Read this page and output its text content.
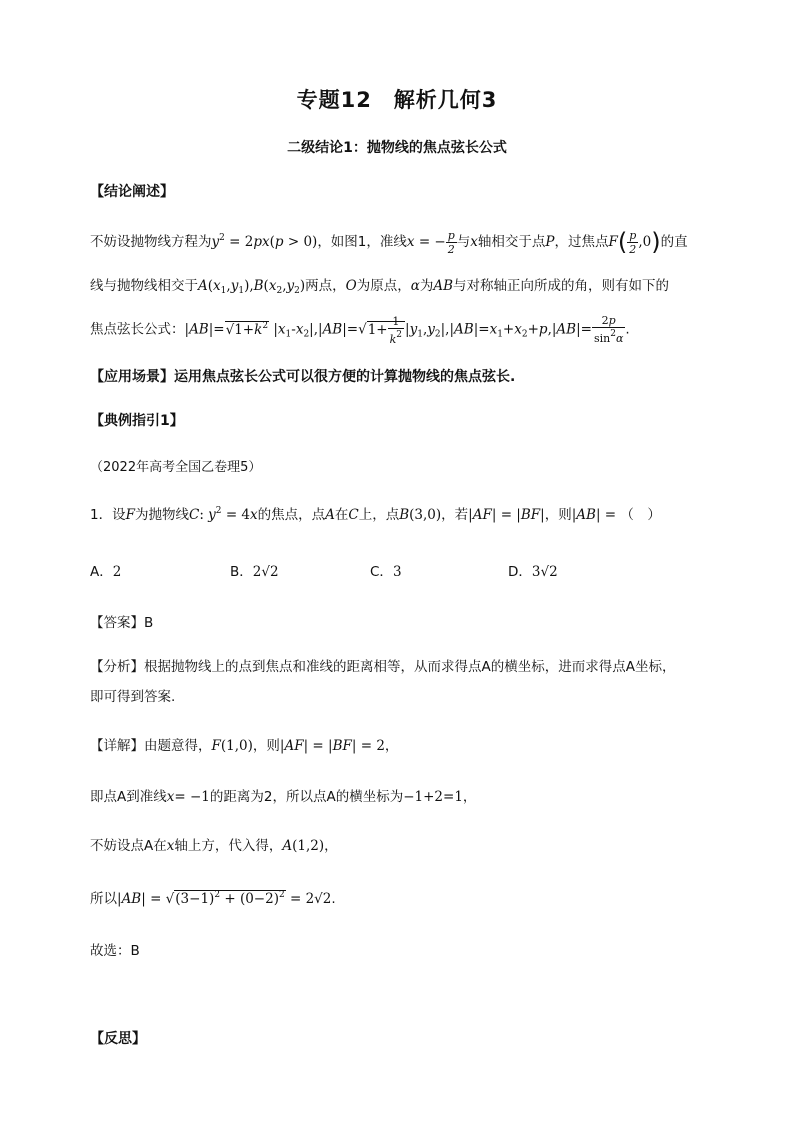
专题12　解析几何3
二级结论1：抛物线的焦点弦长公式
【结论阐述】
不妨设抛物线方程为$y^2 = 2px(p > 0)$，如图1，准线x = − $\frac{p}{2}$ 与x轴相交于点P，过焦点$F( \frac{p}{2} ,0)$的直
线与抛物线相交于$A(x_1,y_1),B(x_2,y_2)$两点，O为原点，α为AB与对称轴正向所成的角，则有如下的
焦点弦长公式：$|AB|=√1+k^2$ $|x_1-x_2|,|AB|=√1+ \frac{1}{k^2} |y_1,y_2|,|AB|=x_1+x_2+p,|AB|= \frac{2p}{\sin^2\alpha}$ .
【应用场景】运用焦点弦长公式可以很方便的计算抛物线的焦点弦长.
【典例指引1】
（2022年高考全国乙卷理5）
1．设F为抛物线C: $y^2 = 4x$的焦点，点A在C上，点B(3,0)，若|AF| = |BF|，则|AB| = （　）
A．2	B．2√2	C．3	D．3√2
【答案】B
【分析】根据抛物线上的点到焦点和准线的距离相等，从而求得点A的横坐标，进而求得点A坐标，
即可得到答案.
【详解】由题意得，F(1,0)，则|AF| = |BF| = 2，
即点A到准线x= −1的距离为2，所以点A的横坐标为−1+2=1，
不妨设点A在x轴上方，代入得，A(1,2)，
所以$|AB| = √(3-1)^2 + (0-2)^2 = 2√2$.
故选：B
【反思】
